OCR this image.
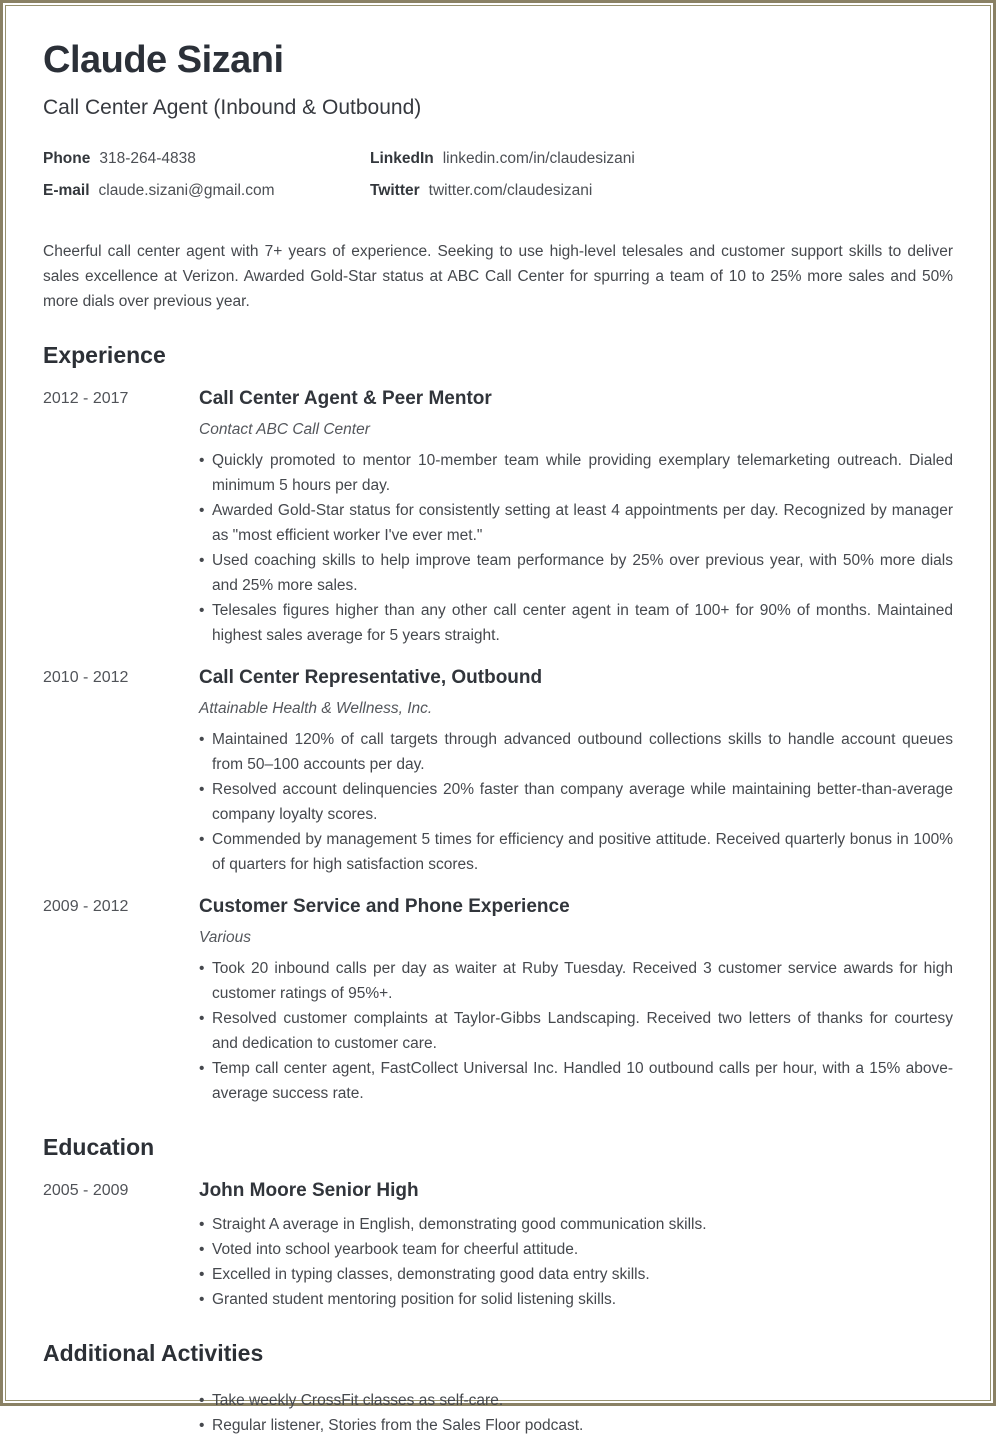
Claude Sizani
Call Center Agent (Inbound & Outbound)
Phone 318-264-4838	LinkedIn linkedin.com/in/claudesizani
E-mail claude.sizani@gmail.com	Twitter twitter.com/claudesizani

Cheerful call center agent with 7+ years of experience. Seeking to use high-level telesales and customer support skills to deliver sales excellence at Verizon. Awarded Gold-Star status at ABC Call Center for spurring a team of 10 to 25% more sales and 50% more dials over previous year.

Experience
2012 - 2017	Call Center Agent & Peer Mentor
Contact ABC Call Center
• Quickly promoted to mentor 10-member team while providing exemplary telemarketing outreach. Dialed minimum 5 hours per day.
• Awarded Gold-Star status for consistently setting at least 4 appointments per day. Recognized by manager as "most efficient worker I've ever met."
• Used coaching skills to help improve team performance by 25% over previous year, with 50% more dials and 25% more sales.
• Telesales figures higher than any other call center agent in team of 100+ for 90% of months. Maintained highest sales average for 5 years straight.
2010 - 2012	Call Center Representative, Outbound
Attainable Health & Wellness, Inc.
• Maintained 120% of call targets through advanced outbound collections skills to handle account queues from 50–100 accounts per day.
• Resolved account delinquencies 20% faster than company average while maintaining better-than-average company loyalty scores.
• Commended by management 5 times for efficiency and positive attitude. Received quarterly bonus in 100% of quarters for high satisfaction scores.
2009 - 2012	Customer Service and Phone Experience
Various
• Took 20 inbound calls per day as waiter at Ruby Tuesday. Received 3 customer service awards for high customer ratings of 95%+.
• Resolved customer complaints at Taylor-Gibbs Landscaping. Received two letters of thanks for courtesy and dedication to customer care.
• Temp call center agent, FastCollect Universal Inc. Handled 10 outbound calls per hour, with a 15% above-average success rate.
Education
2005 - 2009	John Moore Senior High
• Straight A average in English, demonstrating good communication skills.
• Voted into school yearbook team for cheerful attitude.
• Excelled in typing classes, demonstrating good data entry skills.
• Granted student mentoring position for solid listening skills.
Additional Activities
• Take weekly CrossFit classes as self-care.
• Regular listener, Stories from the Sales Floor podcast.
